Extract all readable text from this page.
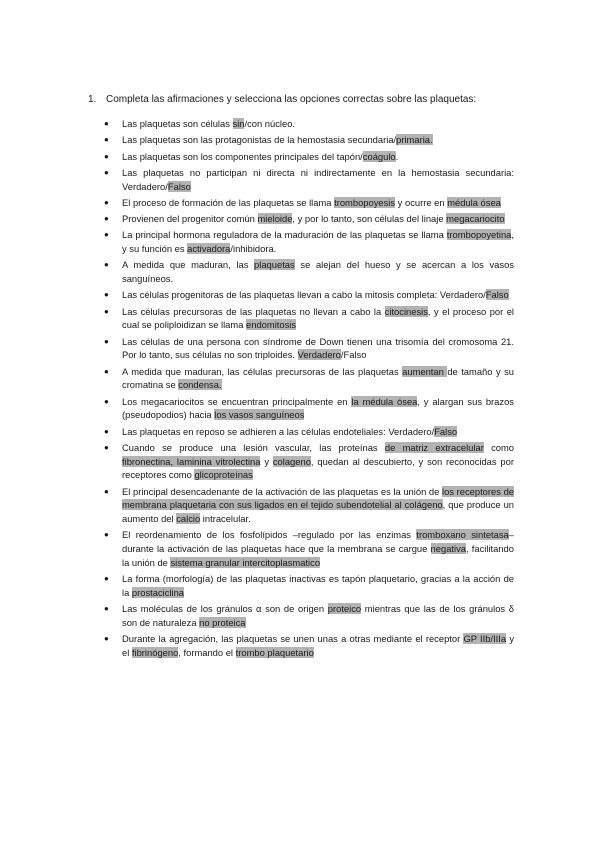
1. Completa las afirmaciones y selecciona las opciones correctas sobre las plaquetas:
● Las plaquetas son células sin/con núcleo.
● Las plaquetas son las protagonistas de la hemostasia secundaria/primaria.
● Las plaquetas son los componentes principales del tapón/coágulo.
● Las plaquetas no participan ni directa ni indirectamente en la hemostasia secundaria: Verdadero/Falso
● El proceso de formación de las plaquetas se llama trombopoyesis y ocurre en médula ósea
● Provienen del progenitor común mieloide, y por lo tanto, son células del linaje megacariocito
● La principal hormona reguladora de la maduración de las plaquetas se llama trombopoyetina, y su función es activadora/inhibidora.
● A medida que maduran, las plaquetas se alejan del hueso y se acercan a los vasos sanguíneos.
● Las células progenitoras de las plaquetas llevan a cabo la mitosis completa: Verdadero/Falso
● Las células precursoras de las plaquetas no llevan a cabo la citocinesis, y el proceso por el cual se poliploidizan se llama endomitosis
● Las células de una persona con síndrome de Down tienen una trisomía del cromosoma 21. Por lo tanto, sus células no son triploides. Verdadero/Falso
● A medida que maduran, las células precursoras de las plaquetas aumentan de tamaño y su cromatina se condensa.
● Los megacariocitos se encuentran principalmente en la médula ósea, y alargan sus brazos (pseudopodios) hacia los vasos sanguíneos
● Las plaquetas en reposo se adhieren a las células endoteliales: Verdadero/Falso
● Cuando se produce una lesión vascular, las proteínas de matriz extracelular como fibronectina, laminina vitrolectina y colageno, quedan al descubierto, y son reconocidas por receptores como glicoproteínas
● El principal desencadenante de la activación de las plaquetas es la unión de los receptores de membrana plaquetaria con sus ligados en el tejido subendotelial al colágeno, que produce un aumento del calcio intracelular.
● El reordenamiento de los fosfolípidos –regulado por las enzimas tromboxano sintetasa– durante la activación de las plaquetas hace que la membrana se cargue negativa, facilitando la unión de sistema granular intercitoplasmatico
● La forma (morfología) de las plaquetas inactivas es tapón plaquetario, gracias a la acción de la prostaciclina
● Las moléculas de los gránulos α son de origen proteico mientras que las de los gránulos δ son de naturaleza no proteica
● Durante la agregación, las plaquetas se unen unas a otras mediante el receptor GP IIb/IIIa y el fibrinógeno, formando el trombo plaquetario
